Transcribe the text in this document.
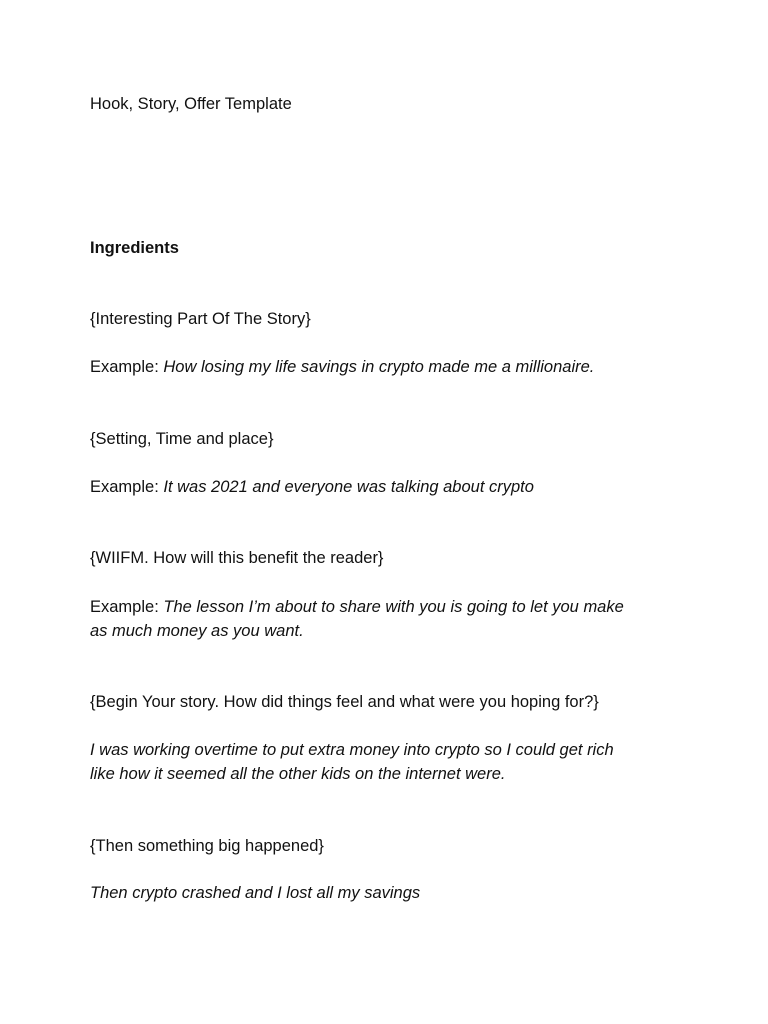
Hook, Story, Offer Template
Ingredients
{Interesting Part Of The Story}
Example: How losing my life savings in crypto made me a millionaire.
{Setting, Time and place}
Example: It was 2021 and everyone was talking about crypto
{WIIFM. How will this benefit the reader}
Example: The lesson I’m about to share with you is going to let you make
as much money as you want.
{Begin Your story. How did things feel and what were you hoping for?}
I was working overtime to put extra money into crypto so I could get rich
like how it seemed all the other kids on the internet were.
{Then something big happened}
Then crypto crashed and I lost all my savings
